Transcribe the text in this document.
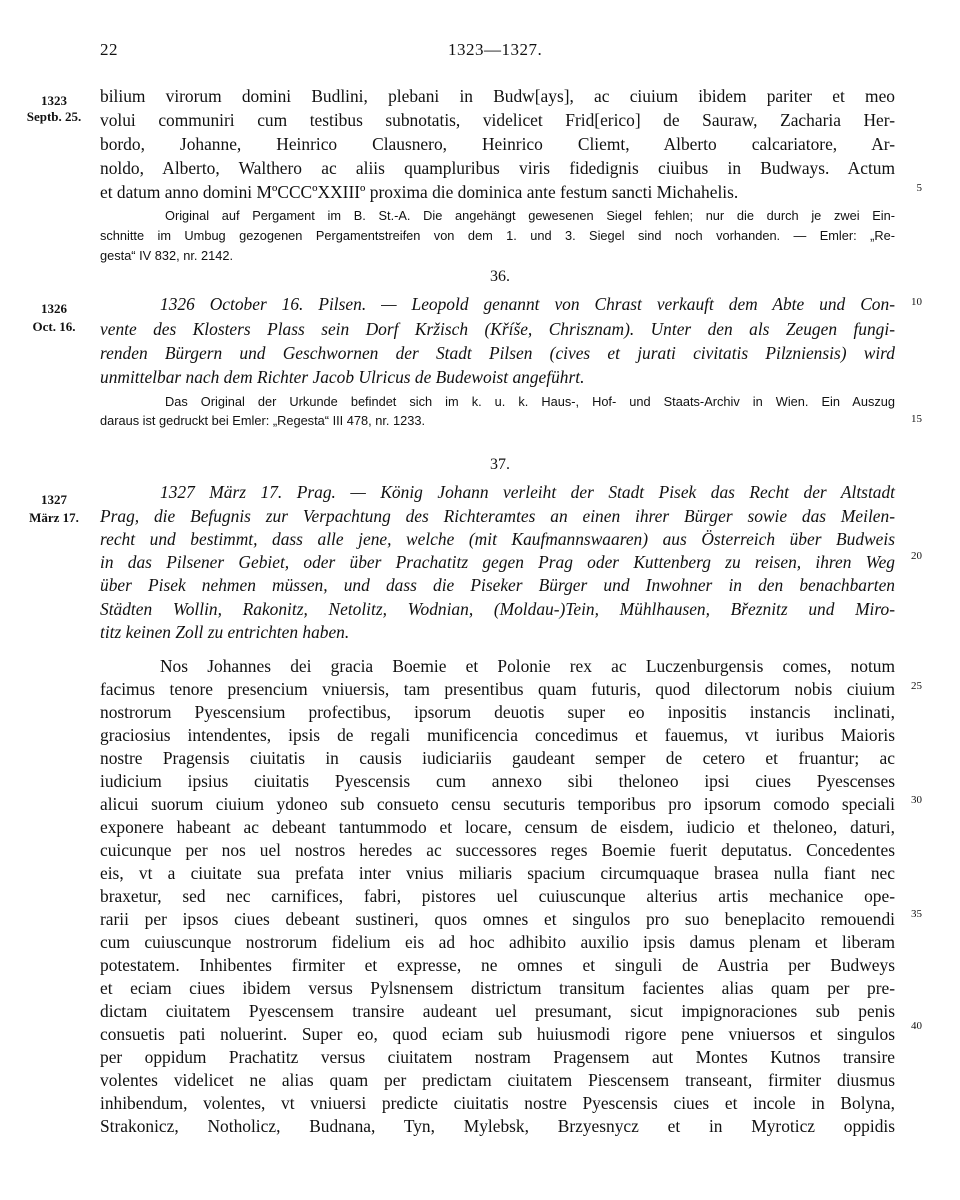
22	1323—1327.
1323
Septb. 25.
1326
Oct. 16.
1327
März 17.
5
10
15
20
25
30
35
40
bilium virorum domini Budlini, plebani in Budw[ays], ac ciuium ibidem pariter et meo
volui communiri cum testibus subnotatis, videlicet Frid[erico] de Sauraw, Zacharia Her-
bordo, Johanne, Heinrico Clausnero, Heinrico Cliemt, Alberto calcariatore, Ar-
noldo, Alberto, Walthero ac aliis quampluribus viris fidedignis ciuibus in Budways. Actum
et datum anno domini MºCCCºXXIIIº proxima die dominica ante festum sancti Michahelis.
Original auf Pergament im B. St.-A. Die angehängt gewesenen Siegel fehlen; nur die durch je zwei Ein-
schnitte im Umbug gezogenen Pergamentstreifen von dem 1. und 3. Siegel sind noch vorhanden. — Emler: „Re-
gesta“ IV 832, nr. 2142.
36.
1326 October 16. Pilsen. — Leopold genannt von Chrast verkauft dem Abte und Con-
vente des Klosters Plass sein Dorf Kržisch (Kříše, Chrisznam). Unter den als Zeugen fungi-
renden Bürgern und Geschwornen der Stadt Pilsen (cives et jurati civitatis Pilzniensis) wird
unmittelbar nach dem Richter Jacob Ulricus de Budewoist angeführt.
Das Original der Urkunde befindet sich im k. u. k. Haus-, Hof- und Staats-Archiv in Wien. Ein Auszug
daraus ist gedruckt bei Emler: „Regesta“ III 478, nr. 1233.
37.
1327 März 17. Prag. — König Johann verleiht der Stadt Pisek das Recht der Altstadt
Prag, die Befugnis zur Verpachtung des Richteramtes an einen ihrer Bürger sowie das Meilen-
recht und bestimmt, dass alle jene, welche (mit Kaufmannswaaren) aus Österreich über Budweis
in das Pilsener Gebiet, oder über Prachatitz gegen Prag oder Kuttenberg zu reisen, ihren Weg
über Pisek nehmen müssen, und dass die Piseker Bürger und Inwohner in den benachbarten
Städten Wollin, Rakonitz, Netolitz, Wodnian, (Moldau-)Tein, Mühlhausen, Březnitz und Miro-
titz keinen Zoll zu entrichten haben.
Nos Johannes dei gracia Boemie et Polonie rex ac Luczenburgensis comes, notum
facimus tenore presencium vniuersis, tam presentibus quam futuris, quod dilectorum nobis ciuium
nostrorum Pyescensium profectibus, ipsorum deuotis super eo inpositis instancis inclinati,
graciosius intendentes, ipsis de regali munificencia concedimus et fauemus, vt iuribus Maioris
nostre Pragensis ciuitatis in causis iudiciariis gaudeant semper de cetero et fruantur; ac
iudicium ipsius ciuitatis Pyescensis cum annexo sibi theloneo ipsi ciues Pyescenses
alicui suorum ciuium ydoneo sub consueto censu secuturis temporibus pro ipsorum comodo speciali
exponere habeant ac debeant tantummodo et locare, censum de eisdem, iudicio et theloneo, daturi,
cuicunque per nos uel nostros heredes ac successores reges Boemie fuerit deputatus. Concedentes
eis, vt a ciuitate sua prefata inter vnius miliaris spacium circumquaque brasea nulla fiant nec
braxetur, sed nec carnifices, fabri, pistores uel cuiuscunque alterius artis mechanice ope-
rarii per ipsos ciues debeant sustineri, quos omnes et singulos pro suo beneplacito remouendi
cum cuiuscunque nostrorum fidelium eis ad hoc adhibito auxilio ipsis damus plenam et liberam
potestatem. Inhibentes firmiter et expresse, ne omnes et singuli de Austria per Budweys
et eciam ciues ibidem versus Pylsnensem districtum transitum facientes alias quam per pre-
dictam ciuitatem Pyescensem transire audeant uel presumant, sicut impignoraciones sub penis
consuetis pati noluerint. Super eo, quod eciam sub huiusmodi rigore pene vniuersos et singulos
per oppidum Prachatitz versus ciuitatem nostram Pragensem aut Montes Kutnos transire
volentes videlicet ne alias quam per predictam ciuitatem Piescensem transeant, firmiter diusmus
inhibendum, volentes, vt vniuersi predicte ciuitatis nostre Pyescensis ciues et incole in Bolyna,
Strakonicz, Notholicz, Budnana, Tyn, Mylebsk, Brzyesnycz et in Myroticz oppidis
